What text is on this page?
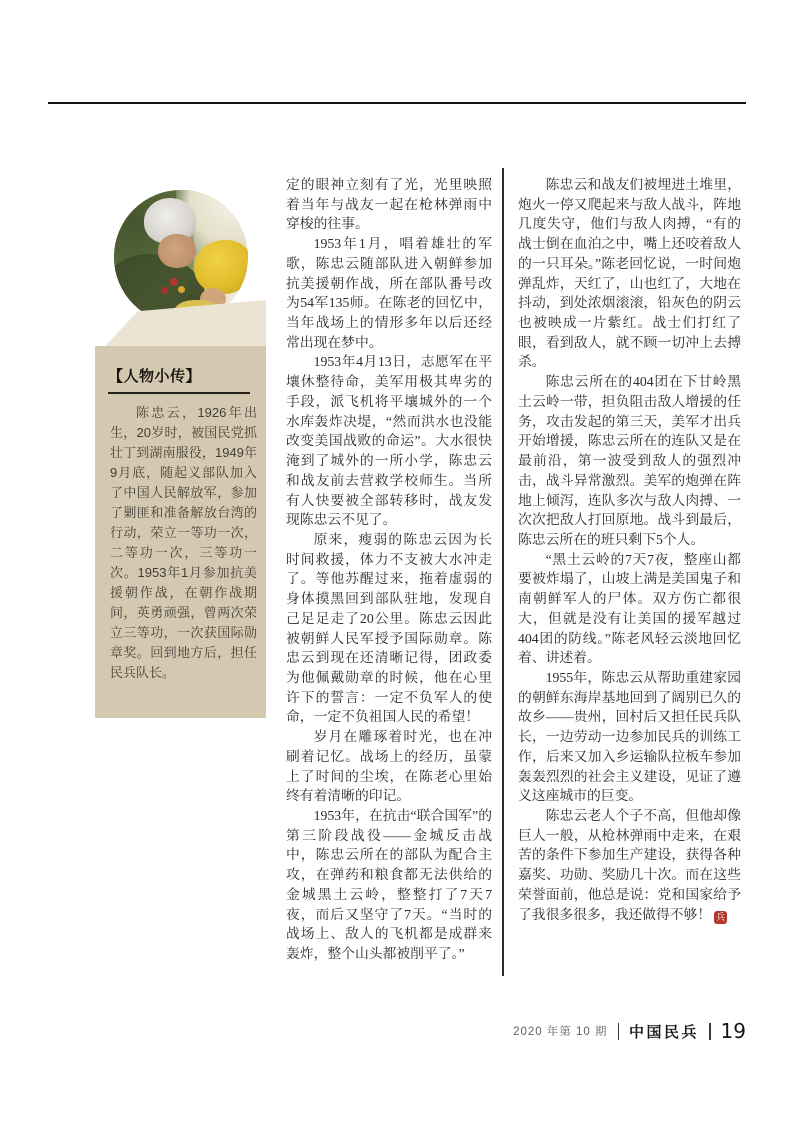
【人物小传】
陈忠云，1926年出生，20岁时，被国民党抓壮丁到湖南服役，1949年9月底，随起义部队加入了中国人民解放军，参加了剿匪和准备解放台湾的行动，荣立一等功一次，二等功一次，三等功一次。1953年1月参加抗美援朝作战，在朝作战期间，英勇顽强，曾两次荣立三等功，一次获国际勋章奖。回到地方后，担任民兵队长。

定的眼神立刻有了光，光里映照着当年与战友一起在枪林弹雨中穿梭的往事。

1953年1月，唱着雄壮的军歌，陈忠云随部队进入朝鲜参加抗美援朝作战，所在部队番号改为54军135师。在陈老的回忆中，当年战场上的情形多年以后还经常出现在梦中。

1953年4月13日，志愿军在平壤休整待命，美军用极其卑劣的手段，派飞机将平壤城外的一个水库轰炸决堤，“然而洪水也没能改变美国战败的命运”。大水很快淹到了城外的一所小学，陈忠云和战友前去营救学校师生。当所有人快要被全部转移时，战友发现陈忠云不见了。

原来，瘦弱的陈忠云因为长时间救援，体力不支被大水冲走了。等他苏醒过来，拖着虚弱的身体摸黑回到部队驻地，发现自己足足走了20公里。陈忠云因此被朝鲜人民军授予国际勋章。陈忠云到现在还清晰记得，团政委为他佩戴勋章的时候，他在心里许下的誓言：一定不负军人的使命，一定不负祖国人民的希望！

岁月在雕琢着时光，也在冲刷着记忆。战场上的经历，虽蒙上了时间的尘埃，在陈老心里始终有着清晰的印记。

1953年，在抗击“联合国军”的第三阶段战役——金城反击战中，陈忠云所在的部队为配合主攻，在弹药和粮食都无法供给的金城黑土云岭，整整打了7天7夜，而后又坚守了7天。“当时的战场上、敌人的飞机都是成群来轰炸，整个山头都被削平了。”

陈忠云和战友们被埋进土堆里，炮火一停又爬起来与敌人战斗，阵地几度失守，他们与敌人肉搏，“有的战士倒在血泊之中，嘴上还咬着敌人的一只耳朵。”陈老回忆说，一时间炮弹乱炸，天红了，山也红了，大地在抖动，到处浓烟滚滚，铅灰色的阴云也被映成一片紫红。战士们打红了眼，看到敌人，就不顾一切冲上去搏杀。

陈忠云所在的404团在下甘岭黑土云岭一带，担负阻击敌人增援的任务，攻击发起的第三天，美军才出兵开始增援，陈忠云所在的连队又是在最前沿，第一波受到敌人的强烈冲击，战斗异常激烈。美军的炮弹在阵地上倾泻，连队多次与敌人肉搏、一次次把敌人打回原地。战斗到最后，陈忠云所在的班只剩下5个人。

“黑土云岭的7天7夜，整座山都要被炸塌了，山坡上满是美国鬼子和南朝鲜军人的尸体。双方伤亡都很大，但就是没有让美国的援军越过404团的防线。”陈老风轻云淡地回忆着、讲述着。

1955年，陈忠云从帮助重建家园的朝鲜东海岸基地回到了阔别已久的故乡——贵州，回村后又担任民兵队长，一边劳动一边参加民兵的训练工作，后来又加入乡运输队拉板车参加轰轰烈烈的社会主义建设，见证了遵义这座城市的巨变。

陈忠云老人个子不高，但他却像巨人一般，从枪林弹雨中走来，在艰苦的条件下参加生产建设，获得各种嘉奖、功勋、奖励几十次。而在这些荣誉面前，他总是说：党和国家给予了我很多很多，我还做得不够！ 兵

2020 年第 10 期 中国民兵 19
